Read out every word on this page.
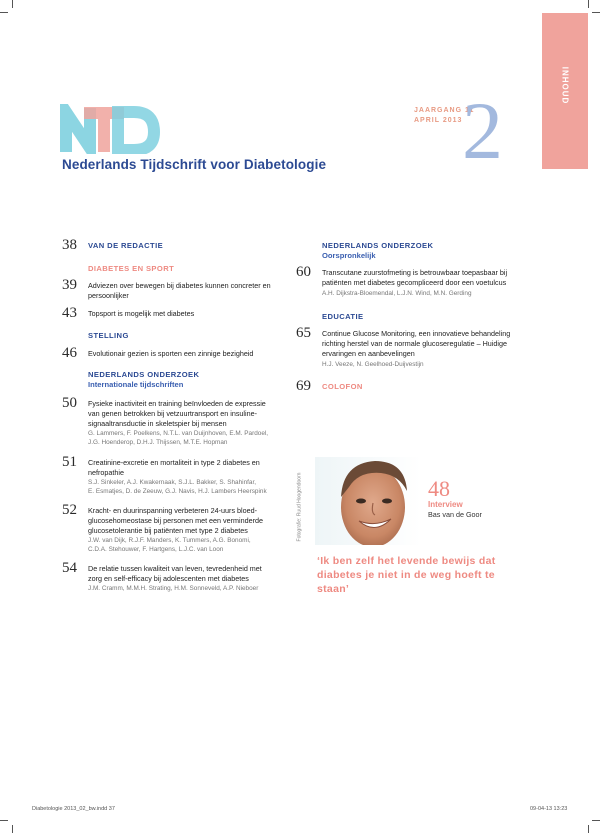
Nederlands Tijdschrift voor Diabetologie
JAARGANG 11
APRIL 2013 2	INHOUD
38 VAN DE REDACTIE
DIABETES EN SPORT
39 Adviezen over bewegen bij diabetes kunnen concreter en
persoonlijker
43 Topsport is mogelijk met diabetes
STELLING
46 Evolutionair gezien is sporten een zinnige bezigheid
NEDERLANDS ONDERZOEK
Internationale tijdschriften
50 Fysieke inactiviteit en training beïnvloeden de expressie
van genen betrokken bij vetzuurtransport en insuline-
signaaltransductie in skeletspier bij mensen
G. Lammers, F. Poelkens, N.T.L. van Duijnhoven, E.M. Pardoel,
J.G. Hoenderop, D.H.J. Thijssen, M.T.E. Hopman
51 Creatinine-excretie en mortaliteit in type 2 diabetes en
nefropathie
S.J. Sinkeler, A.J. Kwakernaak, S.J.L. Bakker, S. Shahinfar,
E. Esmatjes, D. de Zeeuw, G.J. Navis, H.J. Lambers Heerspink
52 Kracht- en duurinspanning verbeteren 24-uurs bloed-
glucosehomeostase bij personen met een verminderde
glucosetolerantie bij patiënten met type 2 diabetes
J.W. van Dijk, R.J.F. Manders, K. Tummers, A.G. Bonomi,
C.D.A. Stehouwer, F. Hartgens, L.J.C. van Loon
54 De relatie tussen kwaliteit van leven, tevredenheid met
zorg en self-efficacy bij adolescenten met diabetes
J.M. Cramm, M.M.H. Strating, H.M. Sonneveld, A.P. Nieboer
NEDERLANDS ONDERZOEK
Oorspronkelijk
60 Transcutane zuurstofmeting is betrouwbaar toepasbaar bij
patiënten met diabetes gecompliceerd door een voetulcus
A.H. Dijkstra-Bloemendal, L.J.N. Wind, M.N. Gerding
EDUCATIE
65 Continue Glucose Monitoring, een innovatieve behandeling
richting herstel van de normale glucoseregulatie – Huidige
ervaringen en aanbevelingen
H.J. Veeze, N. Geelhoed-Duijvestijn
69 COLOFON
Fotografie: Ruud Hoogendoorn	48
Interview
Bas van de Goor
‘Ik ben zelf het levende bewijs dat
diabetes je niet in de weg hoeft te
staan’
Diabetologie 2013_02_bw.indd 37	09-04-13 13:23
